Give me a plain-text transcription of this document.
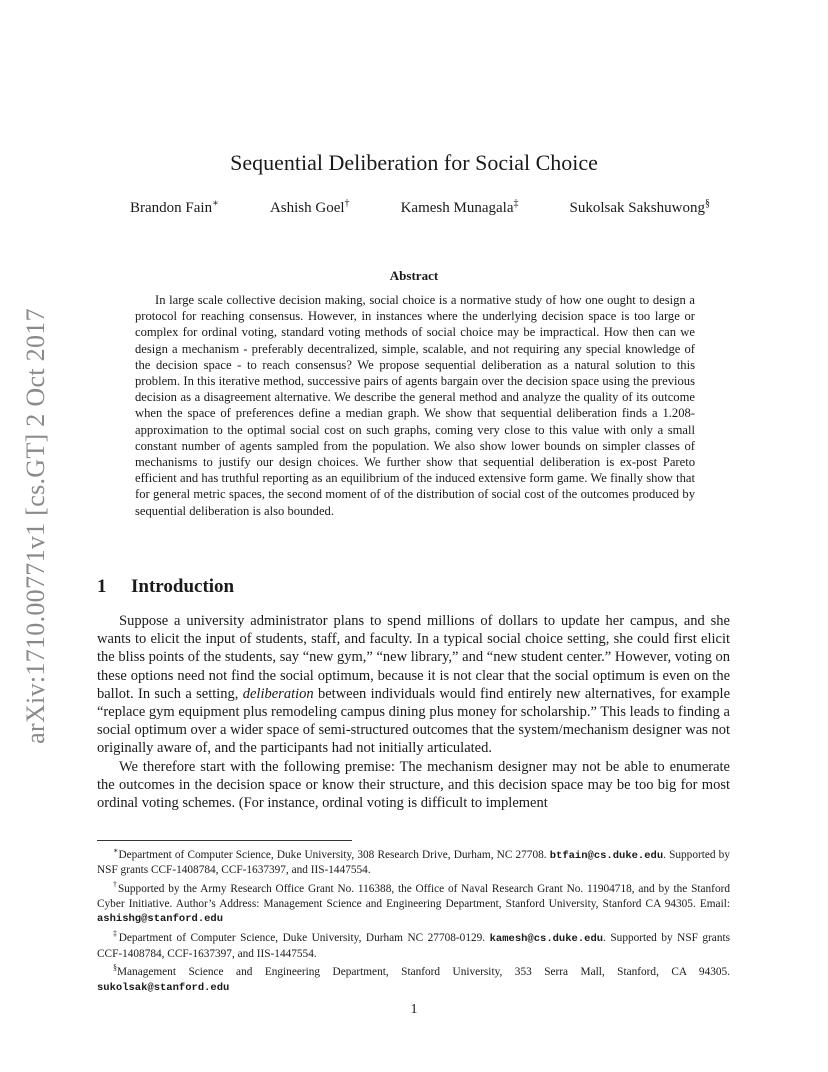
arXiv:1710.00771v1 [cs.GT] 2 Oct 2017
Sequential Deliberation for Social Choice
Brandon Fain∗	Ashish Goel†	Kamesh Munagala‡	Sukolsak Sakshuwong§
Abstract

In large scale collective decision making, social choice is a normative study of how one ought to design a protocol for reaching consensus. However, in instances where the underlying decision space is too large or complex for ordinal voting, standard voting methods of social choice may be impractical. How then can we design a mechanism - preferably decentralized, simple, scalable, and not requiring any special knowledge of the decision space - to reach consensus? We propose sequential deliberation as a natural solution to this problem. In this iterative method, successive pairs of agents bargain over the decision space using the previous decision as a disagreement alternative. We describe the general method and analyze the quality of its outcome when the space of preferences define a median graph. We show that sequential deliberation finds a 1.208-approximation to the optimal social cost on such graphs, coming very close to this value with only a small constant number of agents sampled from the population. We also show lower bounds on simpler classes of mechanisms to justify our design choices. We further show that sequential deliberation is ex-post Pareto efficient and has truthful reporting as an equilibrium of the induced extensive form game. We finally show that for general metric spaces, the second moment of of the distribution of social cost of the outcomes produced by sequential deliberation is also bounded.

1 Introduction

Suppose a university administrator plans to spend millions of dollars to update her campus, and she wants to elicit the input of students, staff, and faculty. In a typical social choice setting, she could first elicit the bliss points of the students, say “new gym,” “new library,” and “new student center.” However, voting on these options need not find the social optimum, because it is not clear that the social optimum is even on the ballot. In such a setting, deliberation between individuals would find entirely new alternatives, for example “replace gym equipment plus remodeling campus dining plus money for scholarship.” This leads to finding a social optimum over a wider space of semi-structured outcomes that the system/mechanism designer was not originally aware of, and the participants had not initially articulated.

We therefore start with the following premise: The mechanism designer may not be able to enumerate the outcomes in the decision space or know their structure, and this decision space may be too big for most ordinal voting schemes. (For instance, ordinal voting is difficult to implement

∗Department of Computer Science, Duke University, 308 Research Drive, Durham, NC 27708. btfain@cs.duke.edu. Supported by NSF grants CCF-1408784, CCF-1637397, and IIS-1447554.

†Supported by the Army Research Office Grant No. 116388, the Office of Naval Research Grant No. 11904718, and by the Stanford Cyber Initiative. Author’s Address: Management Science and Engineering Department, Stanford University, Stanford CA 94305. Email: ashishg@stanford.edu

‡Department of Computer Science, Duke University, Durham NC 27708-0129. kamesh@cs.duke.edu. Supported by NSF grants CCF-1408784, CCF-1637397, and IIS-1447554.

§Management Science and Engineering Department, Stanford University, 353 Serra Mall, Stanford, CA 94305. sukolsak@stanford.edu

1
